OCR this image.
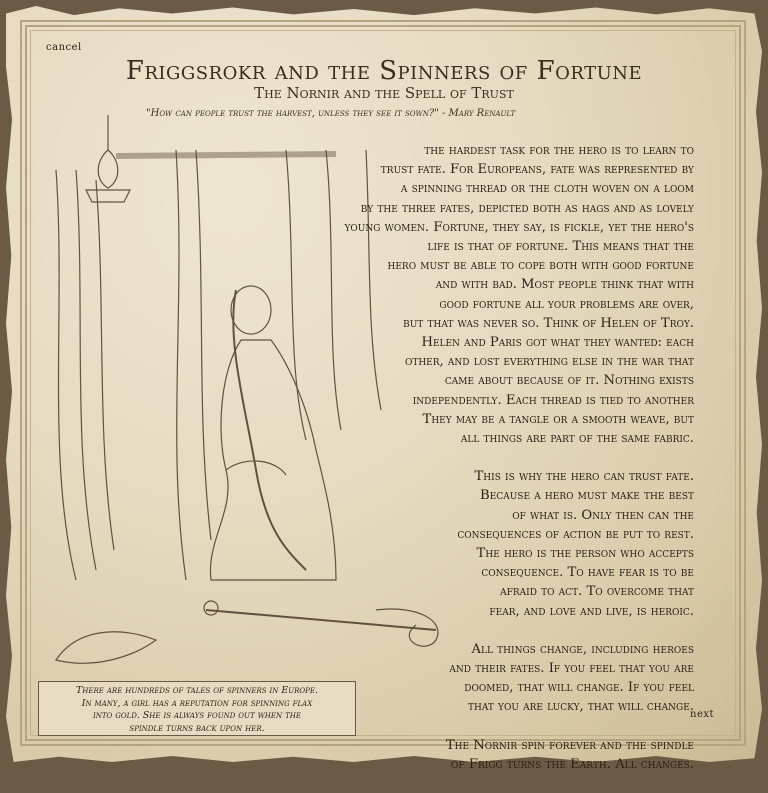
cancel
Friggsrokr and the Spinners of Fortune
The Nornir and the Spell of Trust
"How can people trust the harvest, unless they see it sown?" - Mary Renault

the hardest task for the hero is to learn to
trust fate. For Europeans, fate was represented by
a spinning thread or the cloth woven on a loom
by the three fates, depicted both as hags and as lovely
young women. Fortune, they say, is fickle, yet the hero's
life is that of fortune. This means that the
hero must be able to cope both with good fortune
and with bad. Most people think that with
good fortune all your problems are over,
but that was never so. Think of Helen of Troy.
Helen and Paris got what they wanted: each
other, and lost everything else in the war that
came about because of it. Nothing exists
independently. Each thread is tied to another
They may be a tangle or a smooth weave, but
all things are part of the same fabric.

This is why the hero can trust fate.
Because a hero must make the best
of what is. Only then can the
consequences of action be put to rest.
The hero is the person who accepts
consequence. To have fear is to be
afraid to act. To overcome that
fear, and love and live, is heroic.

All things change, including heroes
and their fates. If you feel that you are
doomed, that will change. If you feel
that you are lucky, that will change.

The Nornir spin forever and the spindle
of Frigg turns the Earth. All changes.

There are hundreds of tales of spinners in Europe.
In many, a girl has a reputation for spinning flax
into gold. She is always found out when the
spindle turns back upon her.
next
